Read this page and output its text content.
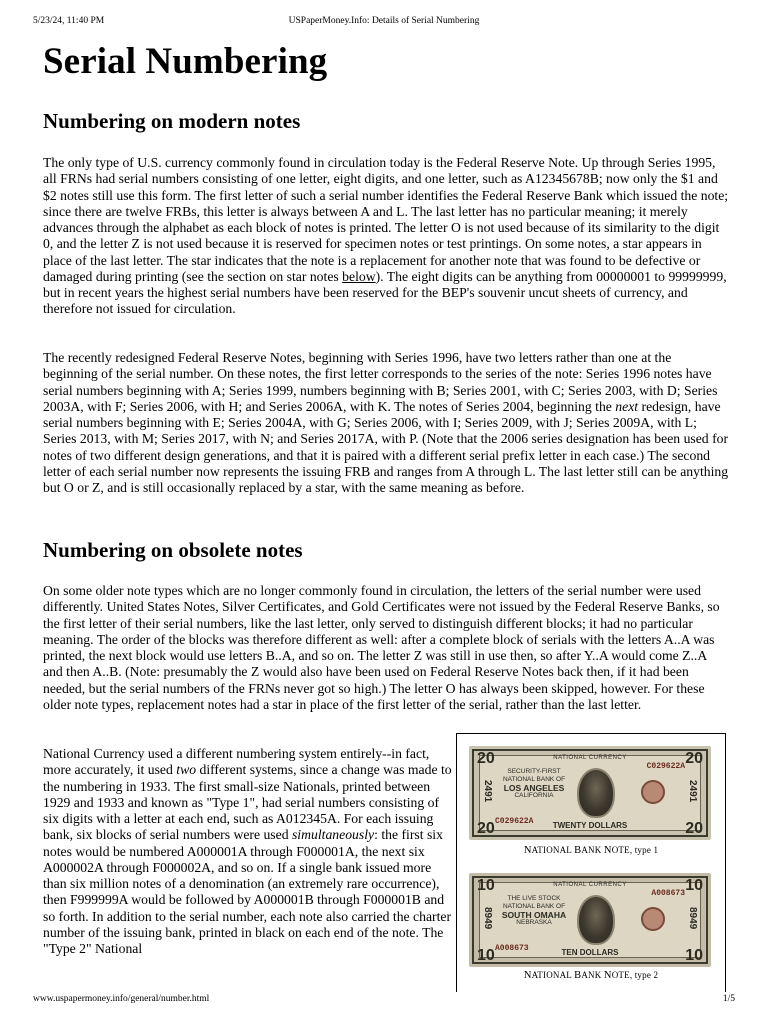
5/23/24, 11:40 PM	USPaperMoney.Info: Details of Serial Numbering
Serial Numbering
Numbering on modern notes

The only type of U.S. currency commonly found in circulation today is the Federal Reserve Note. Up through Series 1995, all FRNs had serial numbers consisting of one letter, eight digits, and one letter, such as A12345678B; now only the $1 and $2 notes still use this form. The first letter of such a serial number identifies the Federal Reserve Bank which issued the note; since there are twelve FRBs, this letter is always between A and L. The last letter has no particular meaning; it merely advances through the alphabet as each block of notes is printed. The letter O is not used because of its similarity to the digit 0, and the letter Z is not used because it is reserved for specimen notes or test printings. On some notes, a star appears in place of the last letter. The star indicates that the note is a replacement for another note that was found to be defective or damaged during printing (see the section on star notes below). The eight digits can be anything from 00000001 to 99999999, but in recent years the highest serial numbers have been reserved for the BEP's souvenir uncut sheets of currency, and therefore not issued for circulation.

The recently redesigned Federal Reserve Notes, beginning with Series 1996, have two letters rather than one at the beginning of the serial number. On these notes, the first letter corresponds to the series of the note: Series 1996 notes have serial numbers beginning with A; Series 1999, numbers beginning with B; Series 2001, with C; Series 2003, with D; Series 2003A, with F; Series 2006, with H; and Series 2006A, with K. The notes of Series 2004, beginning the next redesign, have serial numbers beginning with E; Series 2004A, with G; Series 2006, with I; Series 2009, with J; Series 2009A, with L; Series 2013, with M; Series 2017, with N; and Series 2017A, with P. (Note that the 2006 series designation has been used for notes of two different design generations, and that it is paired with a different serial prefix letter in each case.) The second letter of each serial number now represents the issuing FRB and ranges from A through L. The last letter still can be anything but O or Z, and is still occasionally replaced by a star, with the same meaning as before.

Numbering on obsolete notes

On some older note types which are no longer commonly found in circulation, the letters of the serial number were used differently. United States Notes, Silver Certificates, and Gold Certificates were not issued by the Federal Reserve Banks, so the first letter of their serial numbers, like the last letter, only served to distinguish different blocks; it had no particular meaning. The order of the blocks was therefore different as well: after a complete block of serials with the letters A..A was printed, the next block would use letters B..A, and so on. The letter Z was still in use then, so after Y..A would come Z..A and then A..B. (Note: presumably the Z would also have been used on Federal Reserve Notes back then, if it had been needed, but the serial numbers of the FRNs never got so high.) The letter O has always been skipped, however. For these older note types, replacement notes had a star in place of the first letter of the serial, rather than the last letter.

National Currency used a different numbering system entirely--in fact, more accurately, it used two different systems, since a change was made to the numbering in 1933. The first small-size Nationals, printed between 1929 and 1933 and known as "Type 1", had serial numbers consisting of six digits with a letter at each end, such as A012345A. For each issuing bank, six blocks of serial numbers were used simultaneously: the first six notes would be numbered A000001A through F000001A, the next six A000002A through F000002A, and so on. If a single bank issued more than six million notes of a denomination (an extremely rare occurrence), then F999999A would be followed by A000001B through F000001B and so forth. In addition to the serial number, each note also carried the charter number of the issuing bank, printed in black on each end of the note. The "Type 2" National

NATIONAL CURRENCY
20	20
20	20
SECURITY-FIRST
NATIONAL BANK OF
LOS ANGELES
CALIFORNIA
C029622A
C029622A
2491	2491
TWENTY DOLLARS
NATIONAL BANK NOTE, type 1
NATIONAL CURRENCY
10	10
10	10
THE LIVE STOCK
NATIONAL BANK OF
SOUTH OMAHA
NEBRASKA
A008673
A008673
8949	8949
TEN DOLLARS
NATIONAL BANK NOTE, type 2
www.uspapermoney.info/general/number.html	1/5
